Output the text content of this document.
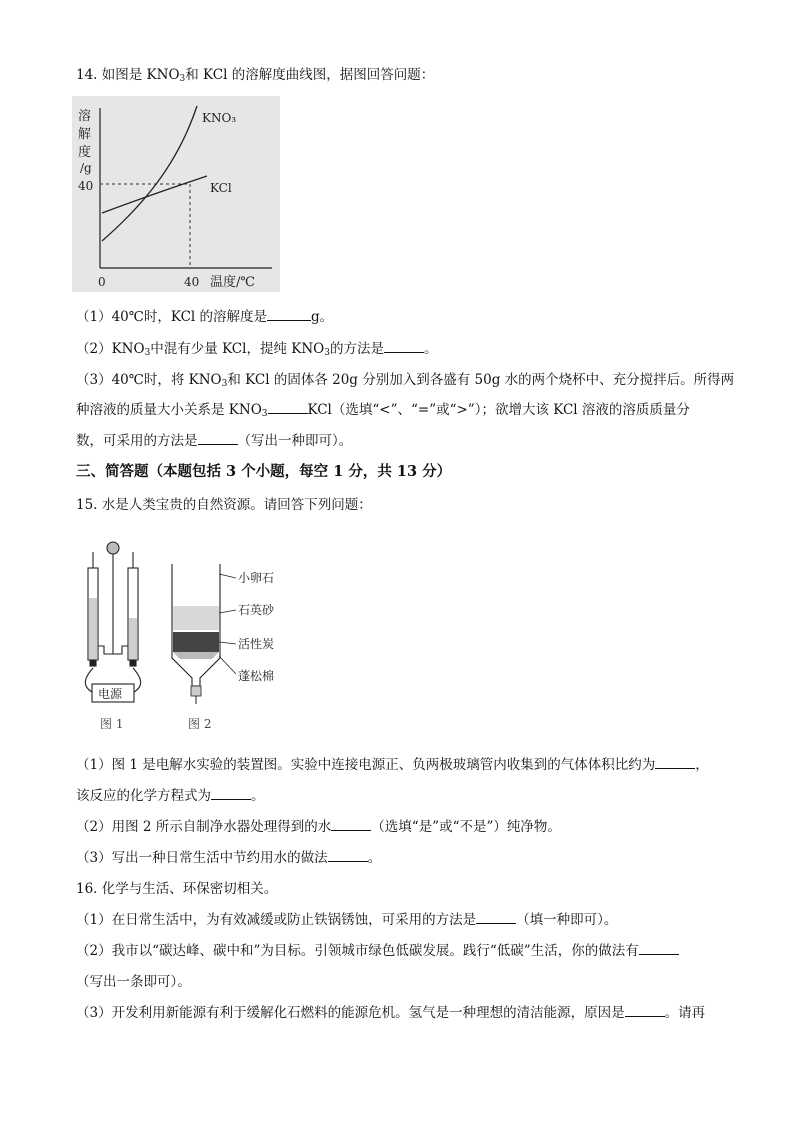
14. 如图是 $KNO_3$和 KCl 的溶解度曲线图，据图回答问题：
溶
解
度
/g
40
0	40 温度/℃
KNO₃
KCl
（1）40℃时，KCl 的溶解度是	g。
$(2)KNO_3$中混有少量 KCl，提纯 $KNO_3$的方法是	。
（3）40℃时，将 $KNO_3$和 KCl 的固体各 20g 分别加入到各盛有 50g 水的两个烧杯中、充分搅拌后。所得两
种溶液的质量大小关系是 $KNO_3$	KCl（选填“<”、“=”或“>”）；欲增大该 KCl 溶液的溶质质量分
数，可采用的方法是	（写出一种即可）。
三、简答题（本题包括 3 个小题，每空 1 分，共 13 分）
15. 水是人类宝贵的自然资源。请回答下列问题：
电源
图 1
小卵石
石英砂
活性炭
蓬松棉
图 2
（1）图 1 是电解水实验的装置图。实验中连接电源正、负两极玻璃管内收集到的气体体积比约为	，
该反应的化学方程式为	。
（2）用图 2 所示自制净水器处理得到的水	（选填“是”或“不是”）纯净物。
（3）写出一种日常生活中节约用水的做法	。
16. 化学与生活、环保密切相关。
（1）在日常生活中，为有效减缓或防止铁锅锈蚀，可采用的方法是	（填一种即可）。
（2）我市以“碳达峰、碳中和”为目标。引领城市绿色低碳发展。践行“低碳”生活，你的做法有
（写出一条即可）。
（3）开发利用新能源有利于缓解化石燃料的能源危机。氢气是一种理想的清洁能源，原因是	。请再
